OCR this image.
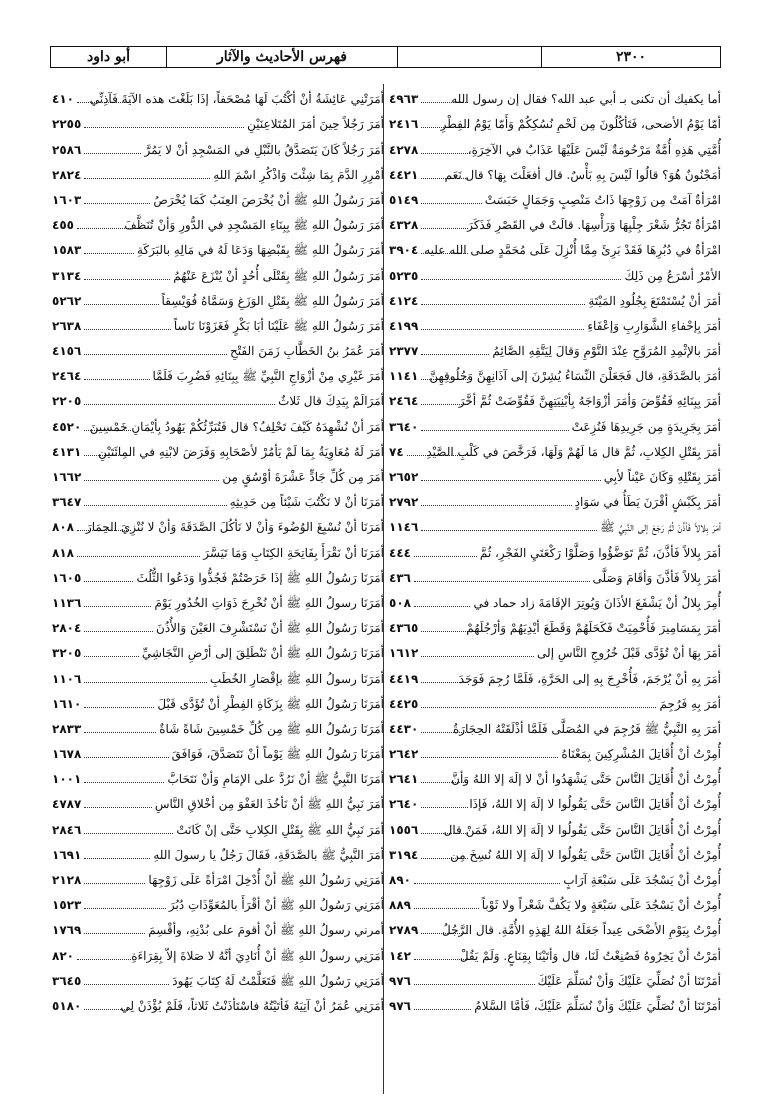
أبو داود	فهرس الأحاديث والآثار	٢٣٠٠
أما يكفيك أن تكنى بـ أبي عبد الله؟ فقال إن رسول الله
٤٩٦٣
أمّا يَوْمُ الأضحى، فَتَأكُلُونَ مِن لَحْمِ نُسُكِكُمْ وَأَمّا يَوْمُ الفِطْرِ
٢٤١٦
أُمَّتِي هَذِهِ أُمَّةٌ مَرْحُومَةٌ لَيْسَ عَلَيْهَا عَذَابٌ في الآخِرَةِ،
٤٢٧٨
أمَجْنُونٌ هُوَ؟ قالُوا لَيْسَ بِهِ بَأْسٌ. قال أفعَلْتَ بِهَا؟ قال نَعَم
٤٤٢١
امْرَأةٌ آمَتْ مِن زَوْجِهَا ذَاتُ مَنْصِبٍ وَجَمَالٍ حَبَسَتْ
٥١٤٩
امْرَأةٌ تَجُرُّ شَعْرَ جِلْبِهَا وَرَأْسِهَا. قالَتْ في القَصْرِ فَذَكَرَ
٤٣٢٨
امْرَأةٌ في دُبُرِهَا فَقَدْ بَرِئَ مِمَّا أُنْزِلَ عَلَى مُحَمَّدٍ صلى الله عليه
٣٩٠٤
الأمْرُ أسْرَعُ مِن ذَلِكَ
٥٢٣٥
أمَرَ أنْ يُسْتَمْتَعَ بِجُلُودِ المَيْتَةِ
٤١٢٤
أمَرَ بِإحْفاءِ الشَّوَارِبِ وَإعْفَاءِ
٤١٩٩
أمَرَ بالإثْمِدِ المُرَوَّحِ عِنْدَ النَّوْمِ وَقالَ لِيَتَّقِهِ الصَّائِمُ
٢٣٧٧
أمَرَ بالصَّدَقَةِ، قال فَجَعَلْنَ النِّسَاءُ يُشِرْنَ إلى آذَانِهِنَّ وَحُلُوقِهِنَّ
١١٤١
أمَرَ بِبِنَائِهِ فَقُوِّضَ وَأمَرَ أزْوَاجَهُ بِأبْنِيَتِهِنَّ فَقُوِّضَتْ ثُمَّ أخَّرَ
٢٤٦٤
أمَرَ بِجَرِيدَةٍ مِن جَرِيدِهَا فَنُزِعَتْ
٣٦٤٠
أمَرَ بِقَتْلِ الكِلابِ، ثُمَّ قال مَا لَهُمْ وَلَهَا، فَرَخَّصَ في كَلْبِ الصَّيْدِ
٧٤
أمَرَ بِقَتْلِهِ وَكَانَ عَيْناً لأبِي
٢٦٥٢
أمَرَ بِكَبْشٍ أقْرَنَ يَطَأُ في سَوَادٍ
٢٧٩٢
أمَرَ بِلالاً فَأذَّنَ ثُمَّ رَجَعَ إلى النَّبِيِّ ﷺ
١١٤٦
أمَرَ بِلالاً فَأذَّنَ، ثُمَّ تَوَضَّؤُوا وَصَلَّوْا رَكْعَتَيِ الفَجْرِ، ثُمَّ
٤٤٤
أمَرَ بِلالاً فَأذَّنَ وَأقَامَ وَصَلَّى
٤٣٦
أُمِرَ بِلالٌ أنْ يَشْفَعَ الأذَانَ وَيُوتِرَ الإقَامَةَ زاد حماد في
٥٠٨
أمَرَ بِمَسَامِيرَ فَأُحْمِيَتْ فَكَحَلَهُمْ وَقَطَعَ أيْدِيَهُمْ وَأرْجُلَهُمْ
٤٣٦٥
أمَرَ بِهَا أنْ تُؤَدَّى قَبْلَ خُرُوجِ النَّاسِ إلى
١٦١٢
أمَرَ بِهِ أنْ يُرْجَمَ، فَأُخْرِجَ بِهِ إلى الحَرَّةِ، فَلَمَّا رُجِمَ فَوَجَدَ
٤٤١٩
أمَرَ بِهِ فَرُجِمَ
٤٤٢٥
أمَرَ بِهِ النَّبِيُّ ﷺ فَرُجِمَ في المُصَلَّى فَلَمَّا أذْلَقَتْهُ الحِجَارَةُ
٤٤٣٠
أُمِرْتُ أنْ أُقَاتِلَ المُشْرِكِينَ بِمَعْنَاهُ
٢٦٤٢
أُمِرْتُ أنْ أُقَاتِلَ النَّاسَ حَتَّى يَشْهَدُوا أنْ لا إلَهَ إلا اللهُ وَأنَّ
٢٦٤١
أُمِرْتُ أنْ أُقَاتِلَ النَّاسَ حَتَّى يَقُولُوا لا إلَهَ إلا اللهُ، فَإذَا
٢٦٤٠
أُمِرْتُ أنْ أُقَاتِلَ النَّاسَ حَتَّى يَقُولُوا لا إلَهَ إلا اللهُ، فَمَنْ قال
١٥٥٦
أُمِرْتُ أنْ أُقَاتِلَ النَّاسَ حَتَّى يَقُولُوا لا إلَهَ إلا اللهُ نُسِخَ مِن
٣١٩٤
أُمِرْتُ أنْ يَسْجُدَ عَلَى سَبْعَةِ آرَابٍ
٨٩٠
أُمِرْتُ أنْ يَسْجُدَ عَلَى سَبْعَةٍ ولا يَكُفَّ شَعْراً ولا ثَوْباً
٨٨٩
أُمِرْتُ بِيَوْمِ الأضْحَى عِيداً جَعَلَهُ اللهُ لِهَذِهِ الأُمَّةِ. قال الرَّجُلُ
٢٧٨٩
أمَرْتُ أنْ يَخِرُوهُ فَصُنِعْتُ لَنَا، قال وَأتَيْنَا بِقِنَاعٍ. وَلَمْ يَقُلْ
١٤٢
أمَرْتَنَا أنْ نُصَلِّيَ عَلَيْكَ وَأنْ نُسَلِّمَ عَلَيْكَ
٩٧٦
أمَرْتَنَا أنْ نُصَلِّيَ عَلَيْكَ وَأنْ نُسَلِّمَ عَلَيْكَ، فَأمَّا السَّلامُ
٩٧٦
أمَرَتْنِي عَائِشَةُ أنْ أكْتُبَ لَهَا مُصْحَفاً، إذَا بَلَغْتَ هذه الآيَةَ فَآذِنِّي
٤١٠
أمَرَ رَجُلاً حِينَ أمَرَ المُتَلاعِنَيْنِ
٢٢٥٥
أمَرَ رَجُلاً كَانَ يَتَصَدَّقُ بالنَّبْلِ في المَسْجِدِ أنْ لا يَمُرَّ
٢٥٨٦
أمْرِرِ الدَّمَ بِمَا شِئْتَ وَاذْكُرِ اسْمَ اللهِ
٢٨٢٤
أمَرَ رَسُولُ اللهِ ﷺ أنْ يُخْرَصَ العِنَبُ كَمَا يُخْرَصُ
١٦٠٣
أمَرَ رَسُولُ اللهِ ﷺ بِبِنَاءِ المَسْجِدِ في الدُّورِ وَأنْ تُنَظَّفَ
٤٥٥
أمَرَ رَسُولُ اللهِ ﷺ بِقَبْضِهَا وَدَعَا لَهُ في مَالِهِ بالبَرَكَةِ
١٥٨٣
أمَرَ رَسُولُ اللهِ ﷺ بِقَتْلَى أُحُدٍ أنْ يُنْزَعَ عَنْهُمُ
٣١٣٤
أمَرَ رَسُولُ اللهِ ﷺ بِقَتْلِ الوَزَغِ وَسَمَّاهُ فُوَيْسِقاً
٥٢٦٢
أمَرَ رَسُولُ اللهِ ﷺ عَلَيْنَا أبَا بَكْرٍ فَغَزَوْنَا نَاساً
٢٦٣٨
أمَرَ عُمَرُ بنُ الخَطَّابِ زَمَنَ الفَتْحِ
٤١٥٦
أمَرَ غَيْرِي مِنْ أزْوَاجِ النَّبِيِّ ﷺ بِبِنَائِهِ فَضُرِبَ فَلَمَّا
٢٤٦٤
أمَرَالَمْ بِيَدِكَ قال ثَلاثٌ
٢٢٠٥
أمَرَ أنْ نُشْهِدَهُ كَيْفَ تَحْلِفُ؟ قال فَتُبَرِّئُكُمْ يَهُودُ بِأيْمَانِ خَمْسِينَ
٤٥٢٠
أمَرَ لَهُ مُعَاوِيَةُ بِمَا لَمْ يَأمُرْ لأصْحَابِهِ وَفَرَضَ لابْنِهِ في المِائَتَيْنِ
٤١٣١
أمَرَ مِن كُلِّ جَادٍّ عَشْرَةَ أوْسُقٍ مِن
١٦٦٢
أمَرَنَا أنْ لا نَكْتُبَ شَيْئاً مِن حَدِيثِهِ
٣٦٤٧
أمَرَنَا أنْ نُسْبِغَ الوُضُوءَ وَأنْ لا نَأكُلَ الصَّدَقَةَ وَأنْ لا نُنْزِيَ الحِمَارَ
٨٠٨
أمَرَنَا أنْ نَقْرَأَ بِفَاتِحَةِ الكِتَابِ وَمَا تَيَسَّرَ
٨١٨
أمَرَنَا رَسُولُ اللهِ ﷺ إذَا خَرَصْتُمْ فَجُذُّوا وَدَعُوا الثُّلُثَ
١٦٠٥
أمَرَنَا رسولُ اللهِ ﷺ أنْ نُخْرِجَ ذَوَاتِ الخُدُورِ يَوْمَ
١١٣٦
أمَرَنَا رَسُولُ اللهِ ﷺ أنْ نَسْتَشْرِفَ العَيْنَ وَالأُذُنَ
٢٨٠٤
أمَرَنَا رَسُولُ اللهِ ﷺ أنْ نَنْطَلِقَ إلى أرْضِ النَّجَاشِيِّ
٣٢٠٥
أمَرَنَا رسولُ اللهِ ﷺ بإقْصَارِ الخُطَبِ
١١٠٦
أمَرَنَا رَسُولُ اللهِ ﷺ بِزَكَاةِ الفِطْرِ أنْ تُؤَدَّى قَبْلَ
١٦١٠
أمَرَنَا رَسُولُ اللهِ ﷺ مِن كُلِّ خَمْسِينَ شَاةً شَاةٌ
٢٨٣٣
أمَرَنَا رَسُولُ اللهِ ﷺ يَوْماً أنْ نَتَصَدَّقَ، فَوَافَقَ
١٦٧٨
أمَرَنَا النَّبِيُّ ﷺ أنْ نَرُدَّ على الإمَامِ وَأنْ نَتَحَابَّ
١٠٠١
أمَرَ نَبِيُّ اللهِ ﷺ أنْ نَأخُذَ العَفْوَ مِن أخْلاقِ النَّاسِ
٤٧٨٧
أمَرَ نَبِيُّ اللهِ ﷺ بِقَتْلِ الكِلابِ حَتَّى إنْ كَانَتْ
٢٨٤٦
أمَرَ النَّبِيُّ ﷺ بالصَّدَقَةِ، فَقَالَ رَجُلٌ يا رسولَ اللهِ
١٦٩١
أمَرَنِي رَسُولُ اللهِ ﷺ أنْ أُدْخِلَ امْرَأةً عَلَى زَوْجِهَا
٢١٢٨
أمَرَنِي رَسُولُ اللهِ ﷺ أنْ أقْرَأَ بالمُعَوِّذَاتِ دُبُرَ
١٥٢٣
أمرني رسولُ اللهِ ﷺ أنْ أقومَ على بُدْنِهِ، وأقْسِمَ
١٧٦٩
أمَرَنِي رسولُ اللهِ ﷺ أنْ أُنَادِيَ أنَّهُ لا صَلاةَ إلاّ بِقِرَاءَةِ
٨٢٠
أمَرَنِي رَسُولُ اللهِ ﷺ فَتَعَلَّمْتُ لَهُ كِتَابَ يَهُودَ
٣٦٤٥
أمَرَنِي عُمَرُ أنْ آتِيَهُ فَأتَيْتُهُ فاسْتَأذَنْتُ ثَلاثاً، فَلَمْ يُؤْذَنْ لِي
٥١٨٠
